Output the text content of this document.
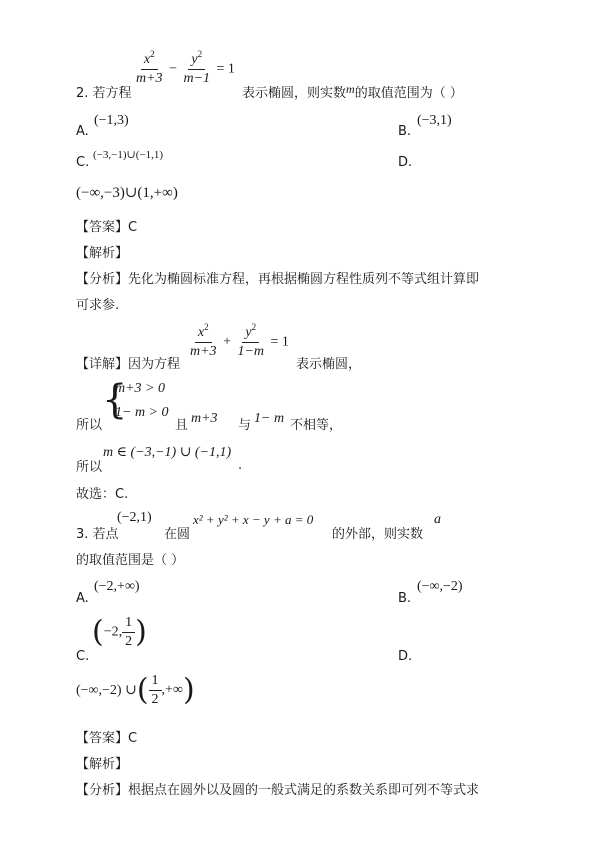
2. 若方程
$\frac{x^2}{m+3} - \frac{y^2}{m-1} = 1$
表示椭圆，则实数m的取值范围为（ ）
A.
(−1,3)
B.
(−3,1)
C. (−3,−1)∪(−1,1)	D.
(−∞,−3)∪(1,+∞)
【答案】C
【解析】
【分析】先化为椭圆标准方程，再根据椭圆方程性质列不等式组计算即
可求参.
【详解】因为方程
$\frac{x^2}{m+3} + \frac{y^2}{1-m} = 1$
表示椭圆，
所以
{
m+3 > 0
1− m > 0
且 m+3 与 1− m 不相等，
所以
m ∈ (−3,−1) ∪ (−1,1)
.
故选：C.
3. 若点
(−2,1)
在圆
x² + y² + x − y + a = 0
的外部，则实数
a
的取值范围是（ ）
A.
(−2,+∞)
B.
(−∞,−2)
C.
(−2, $\frac{1}{2}$ )
D.
(−∞,−2) ∪( $\frac{1}{2}$ ,+∞)
【答案】C
【解析】
【分析】根据点在圆外以及圆的一般式满足的系数关系即可列不等式求
